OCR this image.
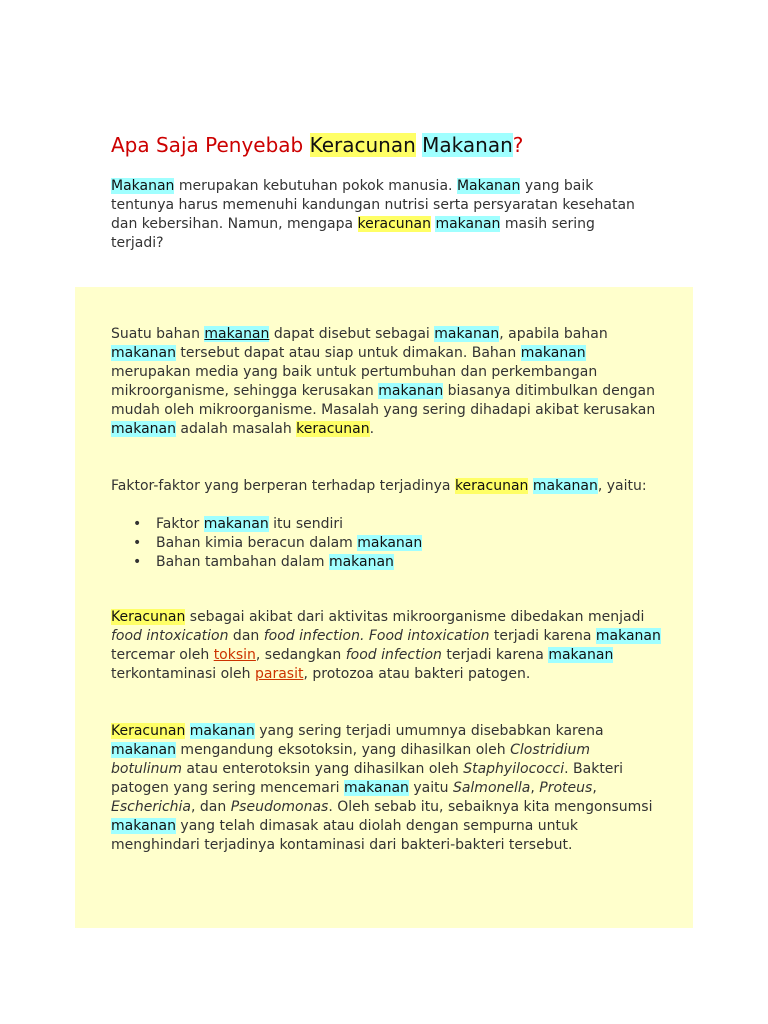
Apa Saja Penyebab Keracunan Makanan?

Makanan merupakan kebutuhan pokok manusia. Makanan yang baik tentunya harus memenuhi kandungan nutrisi serta persyaratan kesehatan dan kebersihan. Namun, mengapa keracunan makanan masih sering terjadi?

Suatu bahan makanan dapat disebut sebagai makanan, apabila bahan makanan tersebut dapat atau siap untuk dimakan. Bahan makanan merupakan media yang baik untuk pertumbuhan dan perkembangan mikroorganisme, sehingga kerusakan makanan biasanya ditimbulkan dengan mudah oleh mikroorganisme. Masalah yang sering dihadapi akibat kerusakan makanan adalah masalah keracunan.

Faktor-faktor yang berperan terhadap terjadinya keracunan makanan, yaitu:

• Faktor makanan itu sendiri
• Bahan kimia beracun dalam makanan
• Bahan tambahan dalam makanan

Keracunan sebagai akibat dari aktivitas mikroorganisme dibedakan menjadi food intoxication dan food infection. Food intoxication terjadi karena makanan tercemar oleh toksin, sedangkan food infection terjadi karena makanan terkontaminasi oleh parasit, protozoa atau bakteri patogen.

Keracunan makanan yang sering terjadi umumnya disebabkan karena makanan mengandung eksotoksin, yang dihasilkan oleh Clostridium botulinum atau enterotoksin yang dihasilkan oleh Staphyilococci. Bakteri patogen yang sering mencemari makanan yaitu Salmonella, Proteus, Escherichia, dan Pseudomonas. Oleh sebab itu, sebaiknya kita mengonsumsi makanan yang telah dimasak atau diolah dengan sempurna untuk menghindari terjadinya kontaminasi dari bakteri-bakteri tersebut.
